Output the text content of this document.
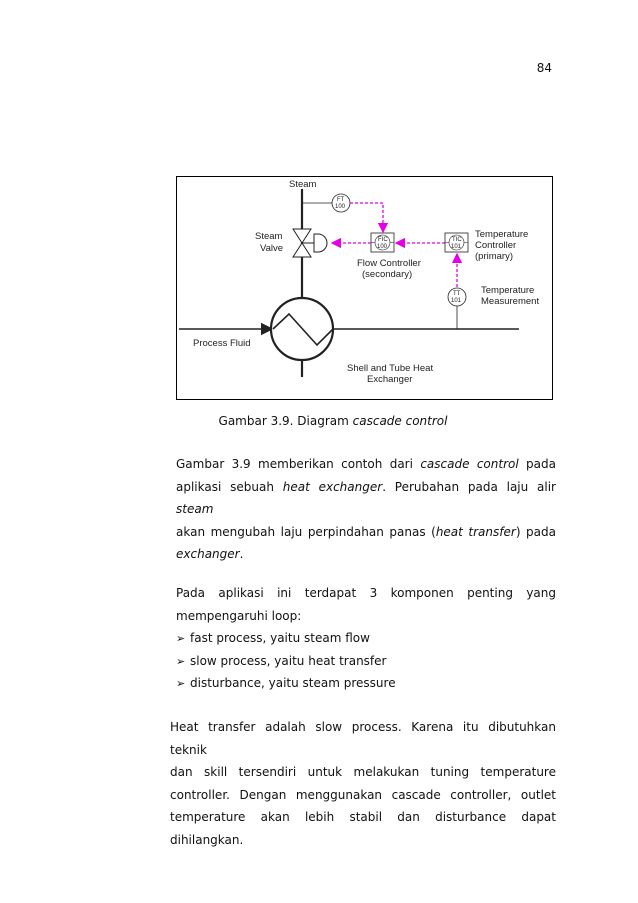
84
Steam
Steam
Valve
FT
100
FIC
100
TIC
101
TT
101
Temperature
Controller
(primary)
Flow Controller
(secondary)
Temperature
Measurement
Process Fluid
Shell and Tube Heat
Exchanger
Gambar 3.9. Diagram cascade control
Gambar 3.9 memberikan contoh dari cascade control pada
aplikasi sebuah heat exchanger. Perubahan pada laju alir steam
akan mengubah laju perpindahan panas (heat transfer) pada
exchanger.
Pada aplikasi ini terdapat 3 komponen penting yang
mempengaruhi loop:
➢ fast process, yaitu steam flow
➢ slow process, yaitu heat transfer
➢ disturbance, yaitu steam pressure
Heat transfer adalah slow process. Karena itu dibutuhkan teknik
dan skill tersendiri untuk melakukan tuning temperature
controller. Dengan menggunakan cascade controller, outlet
temperature akan lebih stabil dan disturbance dapat dihilangkan.
